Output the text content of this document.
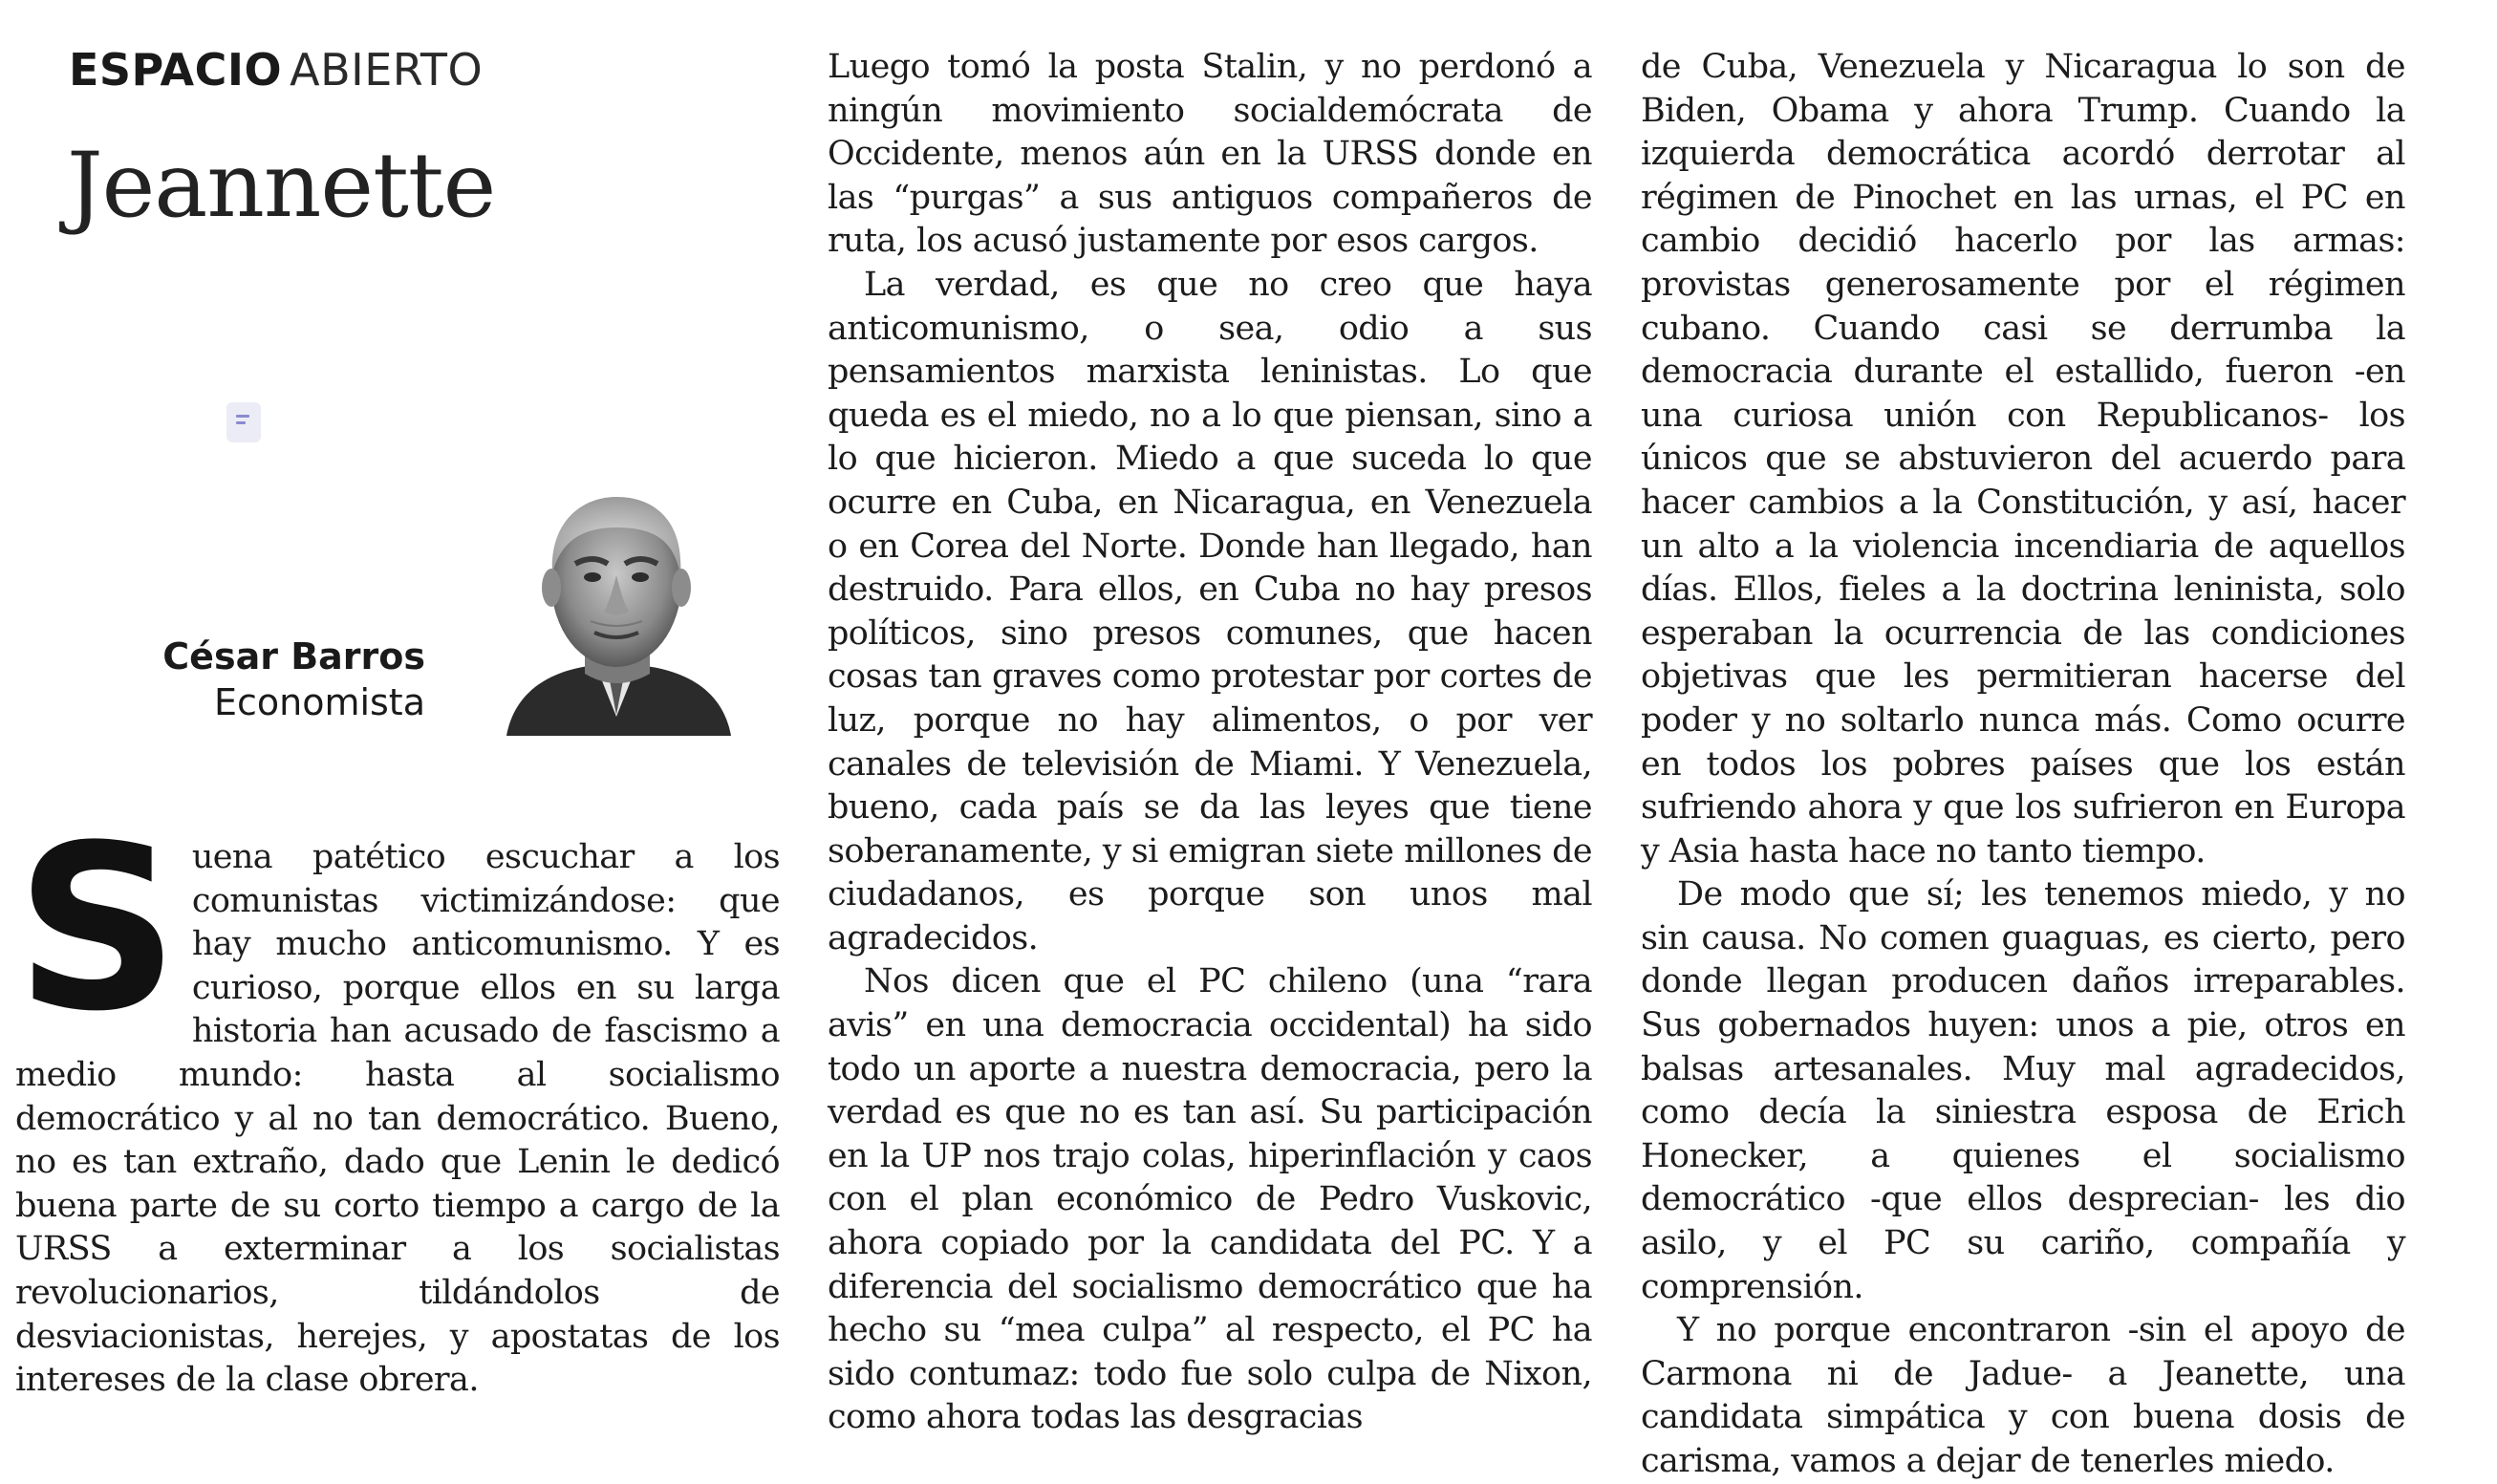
ESPACIO ABIERTO
Jeannette
César Barros
Economista
S uena patético escuchar a los comunistas victimizándose: que hay mucho anticomunismo. Y es curioso, porque ellos en su larga historia han acusado de fascismo a medio mundo: hasta al socialismo democrático y al no tan democrático. Bueno, no es tan extraño, dado que Lenin le dedicó buena parte de su corto tiempo a cargo de la URSS a exterminar a los socialistas revolucionarios, tildándolos de desviacionistas, herejes, y apostatas de los intereses de la clase obrera.

Luego tomó la posta Stalin, y no perdonó a ningún movimiento socialdemócrata de Occidente, menos aún en la URSS donde en las “purgas” a sus antiguos compañeros de ruta, los acusó justamente por esos cargos.

La verdad, es que no creo que haya anticomunismo, o sea, odio a sus pensamientos marxista leninistas. Lo que queda es el miedo, no a lo que piensan, sino a lo que hicieron. Miedo a que suceda lo que ocurre en Cuba, en Nicaragua, en Venezuela o en Corea del Norte. Donde han llegado, han destruido. Para ellos, en Cuba no hay presos políticos, sino presos comunes, que hacen cosas tan graves como protestar por cortes de luz, porque no hay alimentos, o por ver canales de televisión de Miami. Y Venezuela, bueno, cada país se da las leyes que tiene soberanamente, y si emigran siete millones de ciudadanos, es porque son unos mal agradecidos.

Nos dicen que el PC chileno (una “rara avis” en una democracia occidental) ha sido todo un aporte a nuestra democracia, pero la verdad es que no es tan así. Su participación en la UP nos trajo colas, hiperinflación y caos con el plan económico de Pedro Vuskovic, ahora copiado por la candidata del PC. Y a diferencia del socialismo democrático que ha hecho su “mea culpa” al respecto, el PC ha sido contumaz: todo fue solo culpa de Nixon, como ahora todas las desgracias

de Cuba, Venezuela y Nicaragua lo son de Biden, Obama y ahora Trump. Cuando la izquierda democrática acordó derrotar al régimen de Pinochet en las urnas, el PC en cambio decidió hacerlo por las armas: provistas generosamente por el régimen cubano. Cuando casi se derrumba la democracia durante el estallido, fueron -en una curiosa unión con Republicanos- los únicos que se abstuvieron del acuerdo para hacer cambios a la Constitución, y así, hacer un alto a la violencia incendiaria de aquellos días. Ellos, fieles a la doctrina leninista, solo esperaban la ocurrencia de las condiciones objetivas que les permitieran hacerse del poder y no soltarlo nunca más. Como ocurre en todos los pobres países que los están sufriendo ahora y que los sufrieron en Europa y Asia hasta hace no tanto tiempo.

De modo que sí; les tenemos miedo, y no sin causa. No comen guaguas, es cierto, pero donde llegan producen daños irreparables. Sus gobernados huyen: unos a pie, otros en balsas artesanales. Muy mal agradecidos, como decía la siniestra esposa de Erich Honecker, a quienes el socialismo democrático -que ellos desprecian- les dio asilo, y el PC su cariño, compañía y comprensión.

Y no porque encontraron -sin el apoyo de Carmona ni de Jadue- a Jeanette, una candidata simpática y con buena dosis de carisma, vamos a dejar de tenerles miedo.
